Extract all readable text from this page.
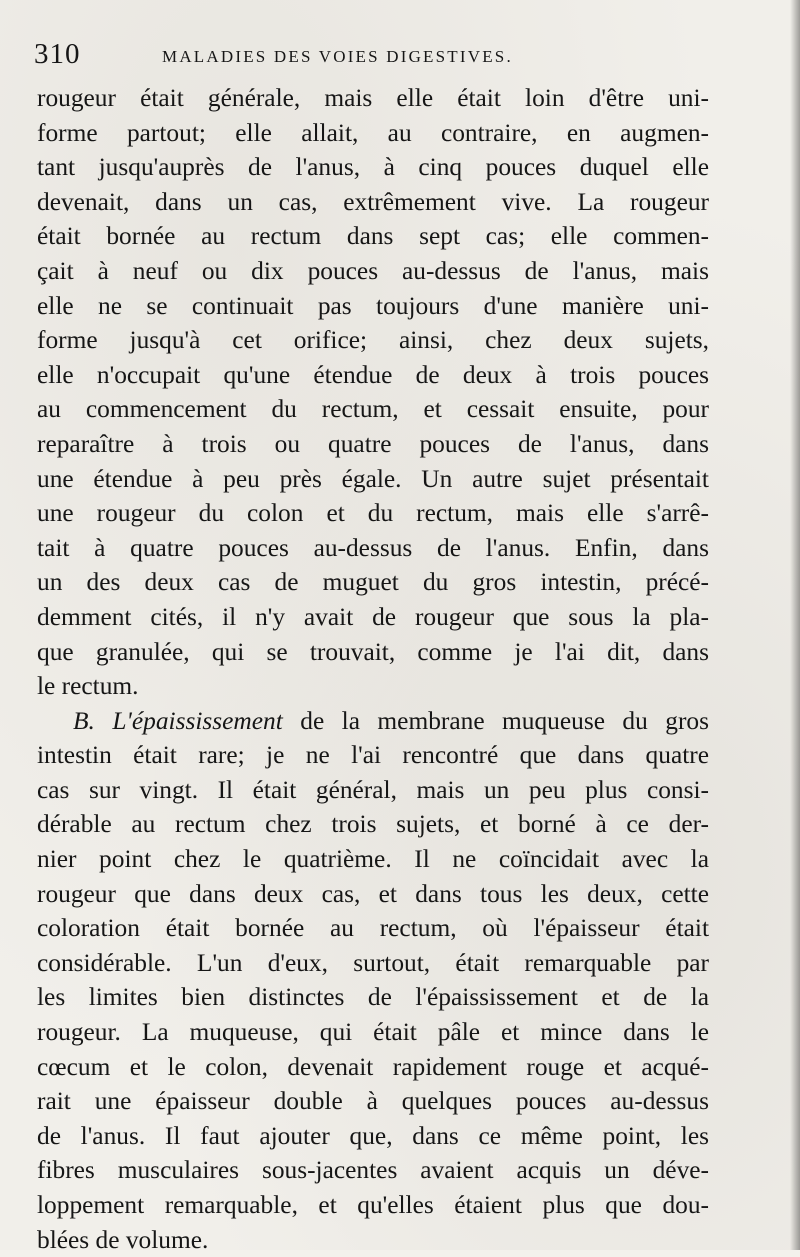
310	MALADIES DES VOIES DIGESTIVES.
rougeur était générale, mais elle était loin d'être uni-
forme partout; elle allait, au contraire, en augmen-
tant jusqu'auprès de l'anus, à cinq pouces duquel elle
devenait, dans un cas, extrêmement vive. La rougeur
était bornée au rectum dans sept cas; elle commen-
çait à neuf ou dix pouces au-dessus de l'anus, mais
elle ne se continuait pas toujours d'une manière uni-
forme jusqu'à cet orifice; ainsi, chez deux sujets,
elle n'occupait qu'une étendue de deux à trois pouces
au commencement du rectum, et cessait ensuite, pour
reparaître à trois ou quatre pouces de l'anus, dans
une étendue à peu près égale. Un autre sujet présentait
une rougeur du colon et du rectum, mais elle s'arrê-
tait à quatre pouces au-dessus de l'anus. Enfin, dans
un des deux cas de muguet du gros intestin, précé-
demment cités, il n'y avait de rougeur que sous la pla-
que granulée, qui se trouvait, comme je l'ai dit, dans
le rectum.
B. L'épaississement de la membrane muqueuse du gros
intestin était rare; je ne l'ai rencontré que dans quatre
cas sur vingt. Il était général, mais un peu plus consi-
dérable au rectum chez trois sujets, et borné à ce der-
nier point chez le quatrième. Il ne coïncidait avec la
rougeur que dans deux cas, et dans tous les deux, cette
coloration était bornée au rectum, où l'épaisseur était
considérable. L'un d'eux, surtout, était remarquable par
les limites bien distinctes de l'épaississement et de la
rougeur. La muqueuse, qui était pâle et mince dans le
cœcum et le colon, devenait rapidement rouge et acqué-
rait une épaisseur double à quelques pouces au-dessus
de l'anus. Il faut ajouter que, dans ce même point, les
fibres musculaires sous-jacentes avaient acquis un déve-
loppement remarquable, et qu'elles étaient plus que dou-
blées de volume.
